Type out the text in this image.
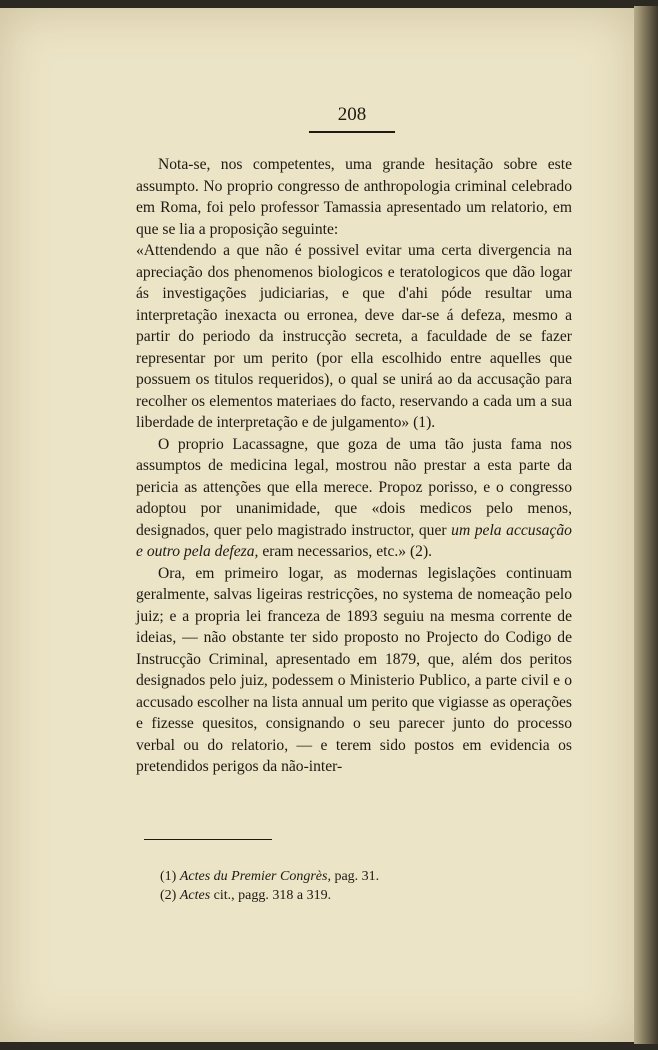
208

Nota-se, nos competentes, uma grande hesitação sobre este assumpto. No proprio congresso de anthropologia criminal celebrado em Roma, foi pelo professor Tamassia apresentado um relatorio, em que se lia a proposição seguinte:

«Attendendo a que não é possivel evitar uma certa divergencia na apreciação dos phenomenos biologicos e teratologicos que dão logar ás investigações judiciarias, e que d'ahi póde resultar uma interpretação inexacta ou erronea, deve dar-se á defeza, mesmo a partir do periodo da instrucção secreta, a faculdade de se fazer representar por um perito (por ella escolhido entre aquelles que possuem os titulos requeridos), o qual se unirá ao da accusação para recolher os elementos materiaes do facto, reservando a cada um a sua liberdade de interpretação e de julgamento» (1).

O proprio Lacassagne, que goza de uma tão justa fama nos assumptos de medicina legal, mostrou não prestar a esta parte da pericia as attenções que ella merece. Propoz porisso, e o congresso adoptou por unanimidade, que «dois medicos pelo menos, designados, quer pelo magistrado instructor, quer um pela accusação e outro pela defeza, eram necessarios, etc.» (2).

Ora, em primeiro logar, as modernas legislações continuam geralmente, salvas ligeiras restricções, no systema de nomeação pelo juiz; e a propria lei franceza de 1893 seguiu na mesma corrente de ideias, — não obstante ter sido proposto no Projecto do Codigo de Instrucção Criminal, apresentado em 1879, que, além dos peritos designados pelo juiz, podessem o Ministerio Publico, a parte civil e o accusado escolher na lista annual um perito que vigiasse as operações e fizesse quesitos, consignando o seu parecer junto do processo verbal ou do relatorio, — e terem sido postos em evidencia os pretendidos perigos da não-inter-

(1) Actes du Premier Congrès, pag. 31.
(2) Actes cit., pagg. 318 a 319.
